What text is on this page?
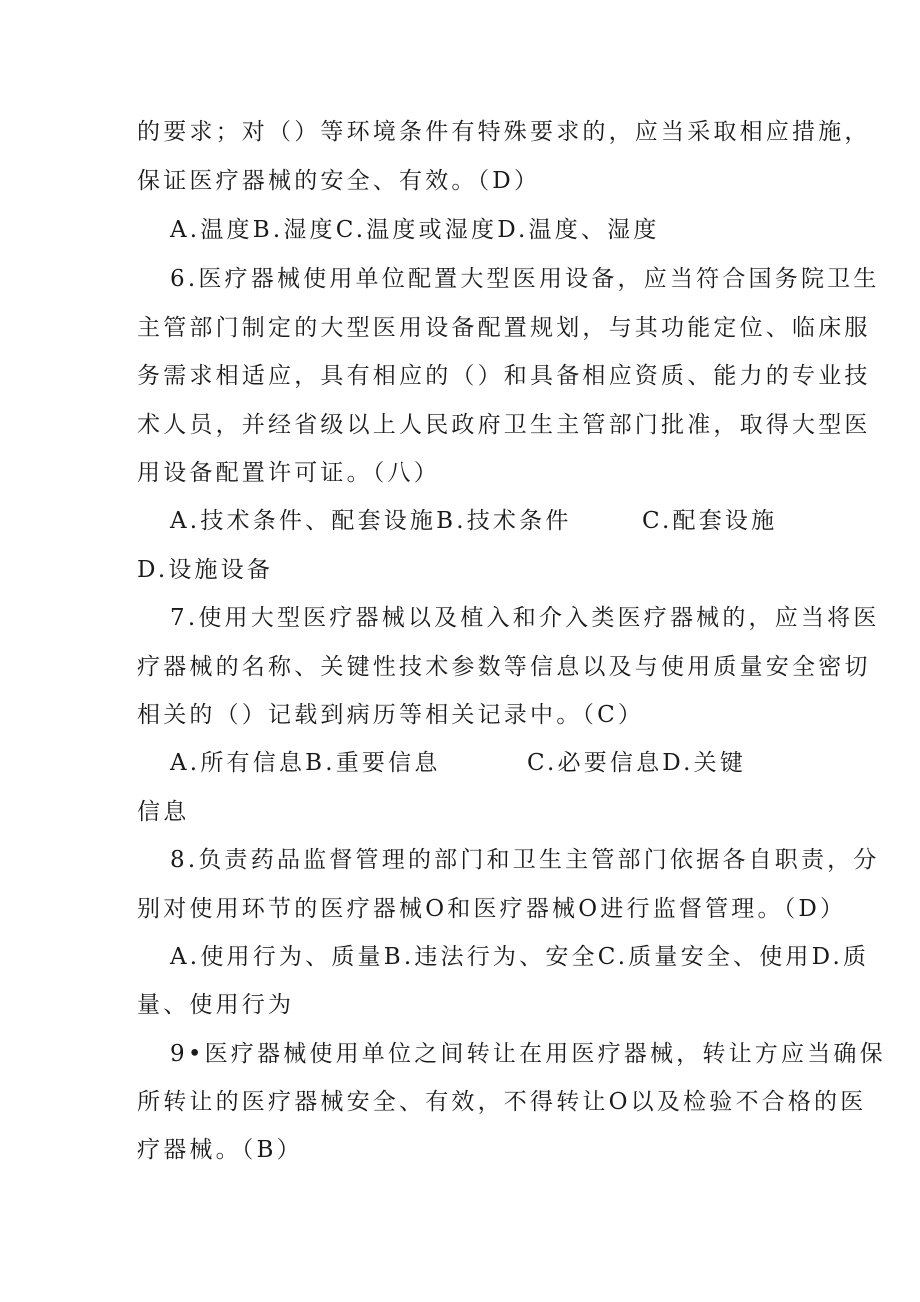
的要求；对（）等环境条件有特殊要求的，应当采取相应措施，
保证医疗器械的安全、有效。（D）
A.温度B.湿度C.温度或湿度D.温度、湿度
6.医疗器械使用单位配置大型医用设备，应当符合国务院卫生
主管部门制定的大型医用设备配置规划，与其功能定位、临床服
务需求相适应，具有相应的（）和具备相应资质、能力的专业技
术人员，并经省级以上人民政府卫生主管部门批准，取得大型医
用设备配置许可证。（八）
A.技术条件、配套设施B.技术条件	C.配套设施
D.设施设备
7.使用大型医疗器械以及植入和介入类医疗器械的，应当将医
疗器械的名称、关键性技术参数等信息以及与使用质量安全密切
相关的（）记载到病历等相关记录中。（C）
A.所有信息B.重要信息	C.必要信息D.关键
信息
8.负责药品监督管理的部门和卫生主管部门依据各自职责，分
别对使用环节的医疗器械O和医疗器械O进行监督管理。（D）
A.使用行为、质量B.违法行为、安全C.质量安全、使用D.质
量、使用行为
9•医疗器械使用单位之间转让在用医疗器械，转让方应当确保
所转让的医疗器械安全、有效，不得转让O以及检验不合格的医
疗器械。（B）
